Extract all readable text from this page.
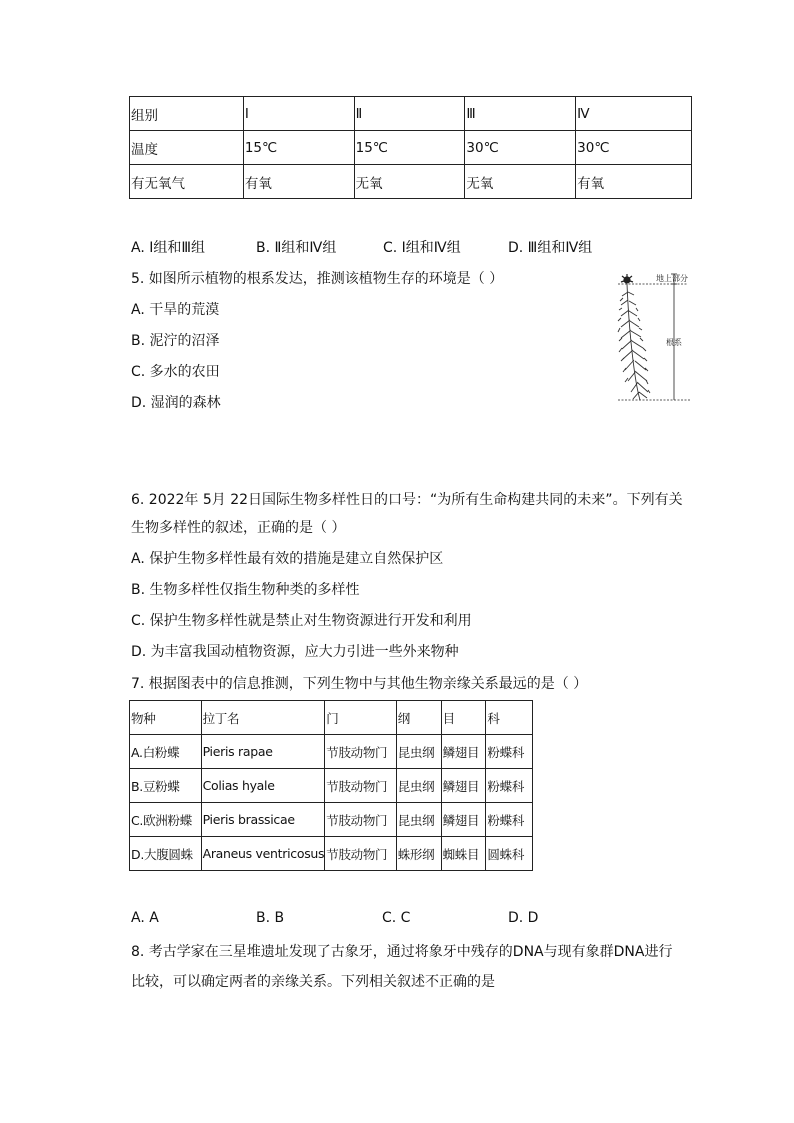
组别	Ⅰ	Ⅱ	Ⅲ	Ⅳ
温度	15℃	15℃	30℃	30℃
有无氧气	有氧	无氧	无氧	有氧
A. Ⅰ组和Ⅲ组	B. Ⅱ组和Ⅳ组	C. Ⅰ组和Ⅳ组	D. Ⅲ组和Ⅳ组
5. 如图所示植物的根系发达，推测该植物生存的环境是（ ）
A. 干旱的荒漠
B. 泥泞的沼泽
C. 多水的农田
D. 湿润的森林
地上部分
根系
6. 2022年 5月 22日国际生物多样性日的口号：“为所有生命构建共同的未来”。下列有关
生物多样性的叙述，正确的是（ ）
A. 保护生物多样性最有效的措施是建立自然保护区
B. 生物多样性仅指生物种类的多样性
C. 保护生物多样性就是禁止对生物资源进行开发和利用
D. 为丰富我国动植物资源，应大力引进一些外来物种
7. 根据图表中的信息推测，下列生物中与其他生物亲缘关系最远的是（ ）
物种	拉丁名	门	纲	目	科
A.白粉蝶	Pieris rapae	节肢动物门	昆虫纲	鳞翅目	粉蝶科
B.豆粉蝶	Colias hyale	节肢动物门	昆虫纲	鳞翅目	粉蝶科
C.欧洲粉蝶	Pieris brassicae	节肢动物门	昆虫纲	鳞翅目	粉蝶科
D.大腹圆蛛	Araneus ventricosus	节肢动物门	蛛形纲	蜘蛛目	圆蛛科
A. A	B. B	C. C	D. D
8. 考古学家在三星堆遗址发现了古象牙，通过将象牙中残存的DNA与现有象群DNA进行
比较，可以确定两者的亲缘关系。下列相关叙述不正确的是
